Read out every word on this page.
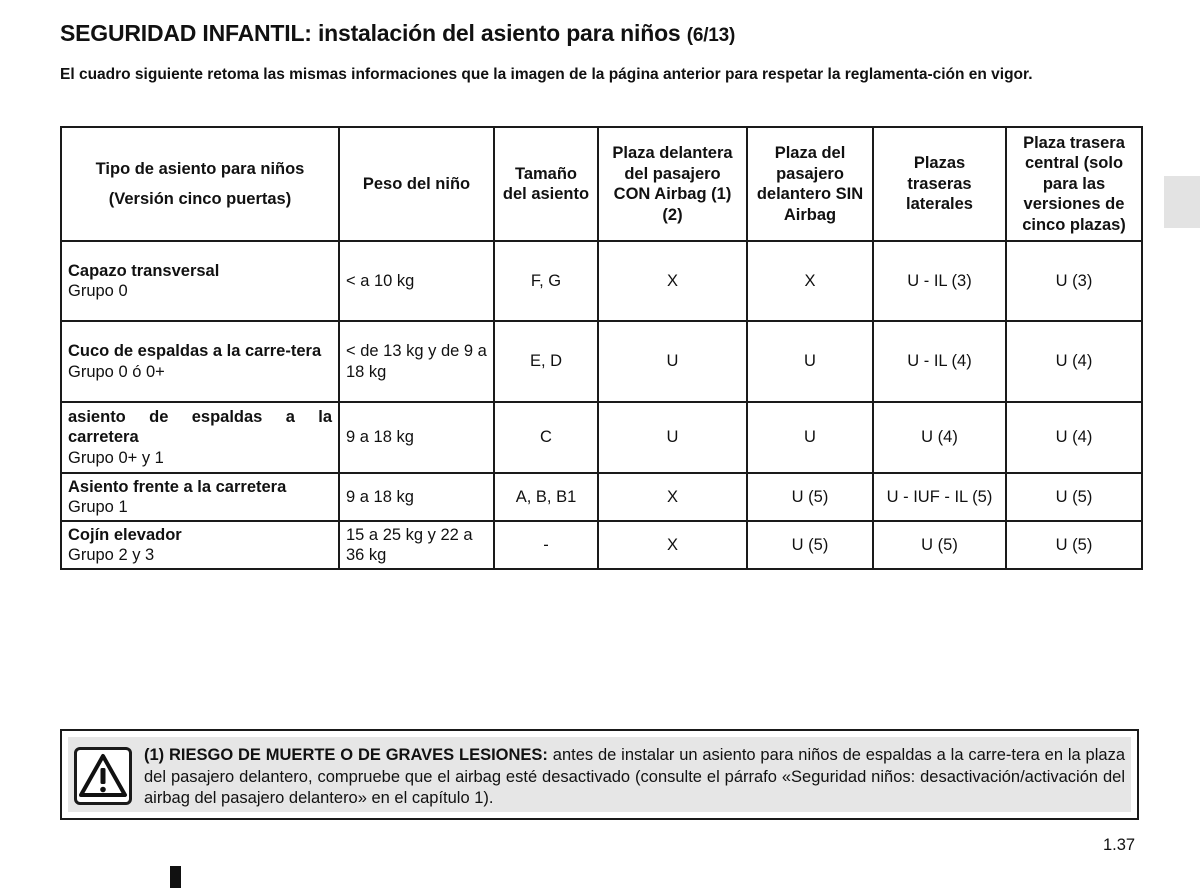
SEGURIDAD INFANTIL: instalación del asiento para niños (6/13)

El cuadro siguiente retoma las mismas informaciones que la imagen de la página anterior para respetar la reglamenta-ción en vigor.

Tipo de asiento para niños
(Versión cinco puertas)	Peso del niño	Tamaño del asiento	Plaza delantera del pasajero CON Airbag (1) (2)	Plaza del pasajero delantero SIN Airbag	Plazas traseras laterales	Plaza trasera central (solo para las versiones de cinco plazas)

Capazo transversal
Grupo 0	< a 10 kg	F, G	X	X	U - IL (3)	U (3)

Cuco de espaldas a la carre-tera
Grupo 0 ó 0+	< de 13 kg y de 9 a 18 kg	E, D	U	U	U - IL (4)	U (4)

asiento de espaldas a la carretera
Grupo 0+ y 1	9 a 18 kg	C	U	U	U (4)	U (4)

Asiento frente a la carretera
Grupo 1	9 a 18 kg	A, B, B1	X	U (5)	U - IUF - IL (5)	U (5)

Cojín elevador
Grupo 2 y 3	15 a 25 kg y 22 a 36 kg	-	X	U (5)	U (5)	U (5)

(1) RIESGO DE MUERTE O DE GRAVES LESIONES: antes de instalar un asiento para niños de espaldas a la carre-tera en la plaza del pasajero delantero, compruebe que el airbag esté desactivado (consulte el párrafo «Seguridad niños: desactivación/activación del airbag del pasajero delantero» en el capítulo 1).

1.37
